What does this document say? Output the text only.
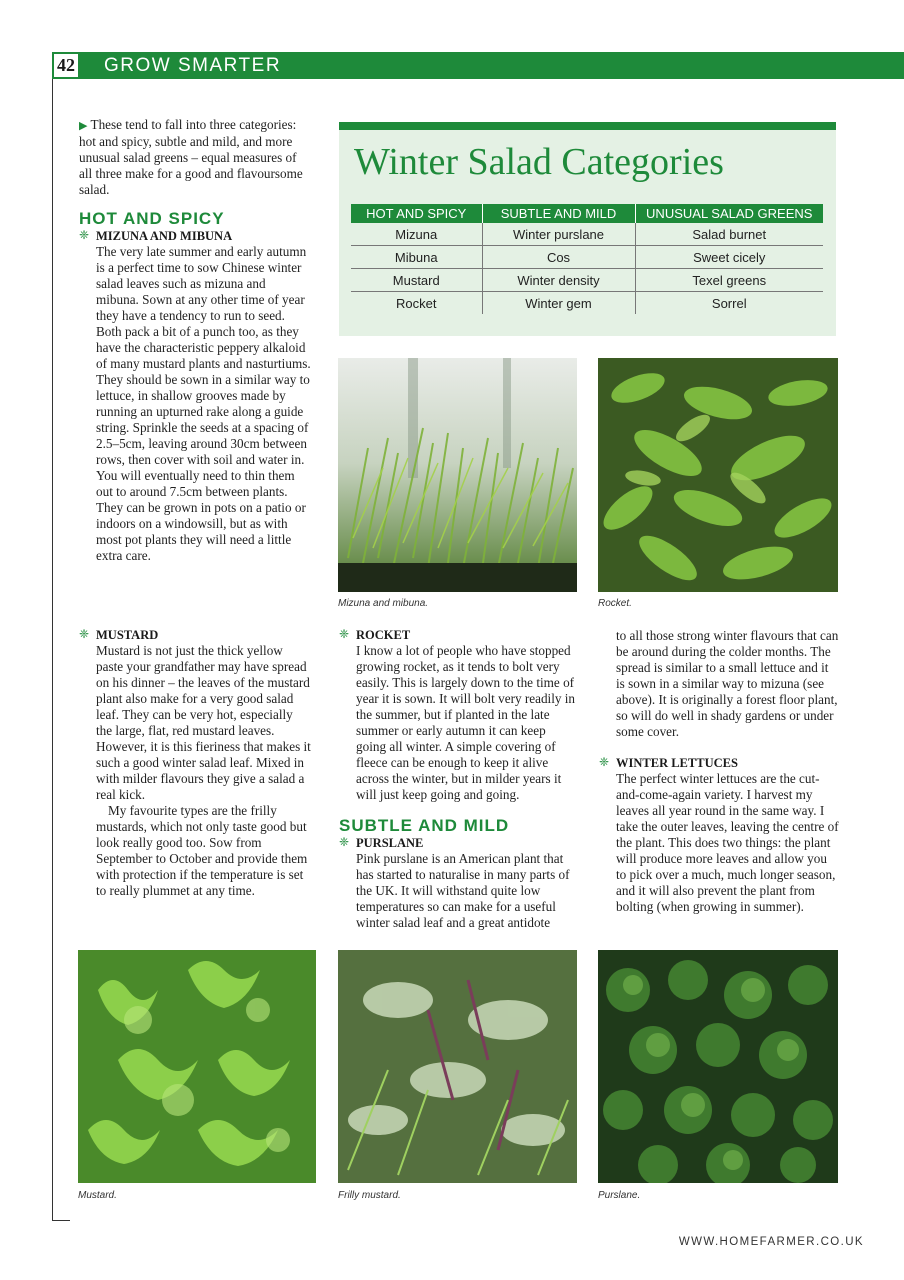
42 GROW SMARTER

▶ These tend to fall into three categories: hot and spicy, subtle and mild, and more unusual salad greens – equal measures of all three make for a good and flavoursome salad.

HOT AND SPICY

❈ MIZUNA AND MIBUNA

The very late summer and early autumn is a perfect time to sow Chinese winter salad leaves such as mizuna and mibuna. Sown at any other time of year they have a tendency to run to seed. Both pack a bit of a punch too, as they have the characteristic peppery alkaloid of many mustard plants and nasturtiums. They should be sown in a similar way to lettuce, in shallow grooves made by running an upturned rake along a guide string. Sprinkle the seeds at a spacing of 2.5–5cm, leaving around 30cm between rows, then cover with soil and water in. You will eventually need to thin them out to around 7.5cm between plants. They can be grown in pots on a patio or indoors on a windowsill, but as with most pot plants they will need a little extra care.

Winter Salad Categories
HOT AND SPICY	SUBTLE AND MILD	UNUSUAL SALAD GREENS
Mizuna	Winter purslane	Salad burnet
Mibuna	Cos	Sweet cicely
Mustard	Winter density	Texel greens
Rocket	Winter gem	Sorrel
Mizuna and mibuna.	Rocket.

❈ MUSTARD

Mustard is not just the thick yellow paste your grandfather may have spread on his dinner – the leaves of the mustard plant also make for a very good salad leaf. They can be very hot, especially the large, flat, red mustard leaves. However, it is this fieriness that makes it such a good winter salad leaf. Mixed in with milder flavours they give a salad a real kick.

My favourite types are the frilly mustards, which not only taste good but look really good too. Sow from September to October and provide them with protection if the temperature is set to really plummet at any time.

❈ ROCKET

I know a lot of people who have stopped growing rocket, as it tends to bolt very easily. This is largely down to the time of year it is sown. It will bolt very readily in the summer, but if planted in the late summer or early autumn it can keep going all winter. A simple covering of fleece can be enough to keep it alive across the winter, but in milder years it will just keep going and going.

SUBTLE AND MILD

❈ PURSLANE

Pink purslane is an American plant that has started to naturalise in many parts of the UK. It will withstand quite low temperatures so can make for a useful winter salad leaf and a great antidote

to all those strong winter flavours that can be around during the colder months. The spread is similar to a small lettuce and it is sown in a similar way to mizuna (see above). It is originally a forest floor plant, so will do well in shady gardens or under some cover.

❈ WINTER LETTUCES

The perfect winter lettuces are the cut-and-come-again variety. I harvest my leaves all year round in the same way. I take the outer leaves, leaving the centre of the plant. This does two things: the plant will produce more leaves and allow you to pick over a much, much longer season, and it will also prevent the plant from bolting (when growing in summer).

Mustard.	Frilly mustard.	Purslane.
WWW.HOMEFARMER.CO.UK
